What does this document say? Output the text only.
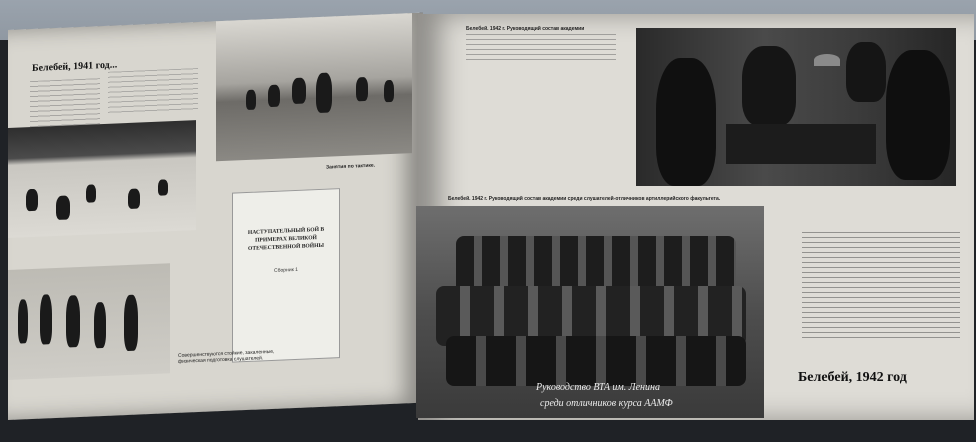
Белебей, 1941 год...
Занятия по тактике.
НАСТУПАТЕЛЬНЫЙ БОЙ В ПРИМЕРАХ ВЕЛИКОЙ ОТЕЧЕСТВЕННОЙ ВОЙНЫ
Сборник 1
Совершенствуются стойкие, закаленные, физическая подготовка слушателей.
Белебей. 1942 г. Руководящий состав академии
Белебей. 1942 г. Руководящий состав академии среди слушателей-отличников артиллерийского факультета.
Руководство ВТА им. Ленина
среди отличников курса ААМФ
Белебей, 1942 год
